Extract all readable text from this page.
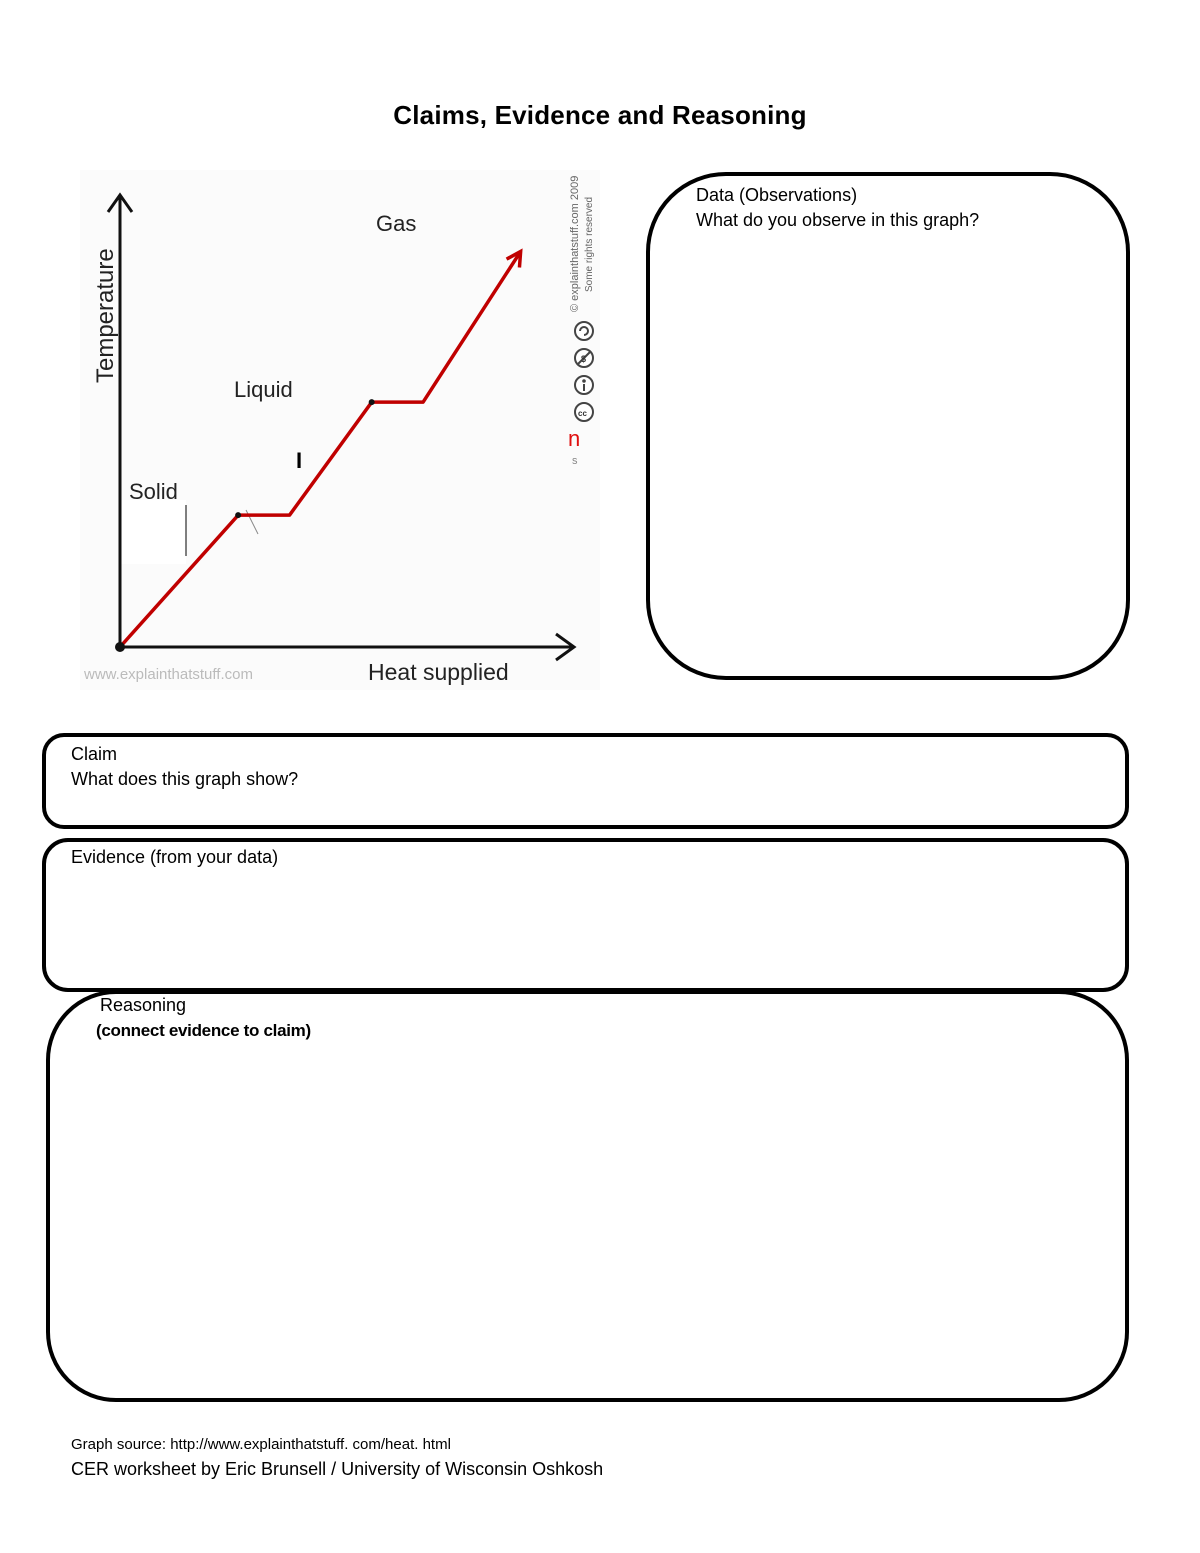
Claims, Evidence and Reasoning
Temperature
Heat supplied
Solid
Liquid
Gas
I
n
s
www.explainthatstuff.com
© explainthatstuff.com 2009 Some rights reserved
cc
$
Data (Observations)
What do you observe in this graph?
Claim
What does this graph show?
Evidence (from your data)
Reasoning
(connect evidence to claim)
Graph source: http://www.explainthatstuff. com/heat. html
CER worksheet by Eric Brunsell / University of Wisconsin Oshkosh
